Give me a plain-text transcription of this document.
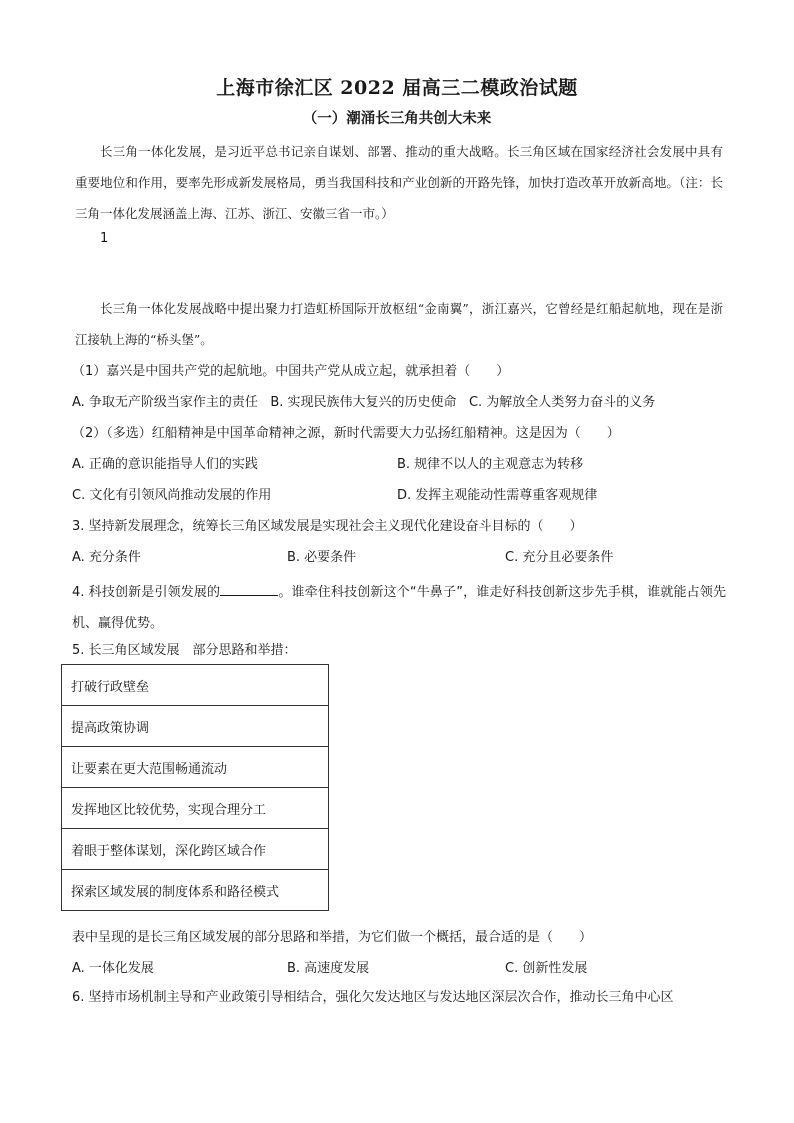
上海市徐汇区 2022 届高三二模政治试题
（一）潮涌长三角共创大未来
长三角一体化发展，是习近平总书记亲自谋划、部署、推动的重大战略。长三角区域在国家经济社会发展中具有重要地位和作用，要率先形成新发展格局，勇当我国科技和产业创新的开路先锋，加快打造改革开放新高地。（注：长三角一体化发展涵盖上海、江苏、浙江、安徽三省一市。）
1
长三角一体化发展战略中提出聚力打造虹桥国际开放枢纽“金南翼”，浙江嘉兴，它曾经是红船起航地，现在是浙江接轨上海的“桥头堡”。
（1）嘉兴是中国共产党的起航地。中国共产党从成立起，就承担着（　　）
A. 争取无产阶级当家作主的责任 B. 实现民族伟大复兴的历史使命 C. 为解放全人类努力奋斗的义务
（2）（多选）红船精神是中国革命精神之源，新时代需要大力弘扬红船精神。这是因为（　　）
A. 正确的意识能指导人们的实践	B. 规律不以人的主观意志为转移
C. 文化有引领风尚推动发展的作用	D. 发挥主观能动性需尊重客观规律
3. 坚持新发展理念，统筹长三角区域发展是实现社会主义现代化建设奋斗目标的（　　）
A. 充分条件	B. 必要条件	C. 充分且必要条件
4. 科技创新是引领发展的	。谁牵住科技创新这个“牛鼻子”，谁走好科技创新这步先手棋，谁就能占领先机、赢得优势。
5. 长三角区域发展　部分思路和举措：
打破行政壁垒
提高政策协调
让要素在更大范围畅通流动
发挥地区比较优势，实现合理分工
着眼于整体谋划，深化跨区域合作
探索区域发展的制度体系和路径模式
表中呈现的是长三角区域发展的部分思路和举措，为它们做一个概括，最合适的是（　　）
A. 一体化发展	B. 高速度发展	C. 创新性发展
6. 坚持市场机制主导和产业政策引导相结合，强化欠发达地区与发达地区深层次合作，推动长三角中心区
